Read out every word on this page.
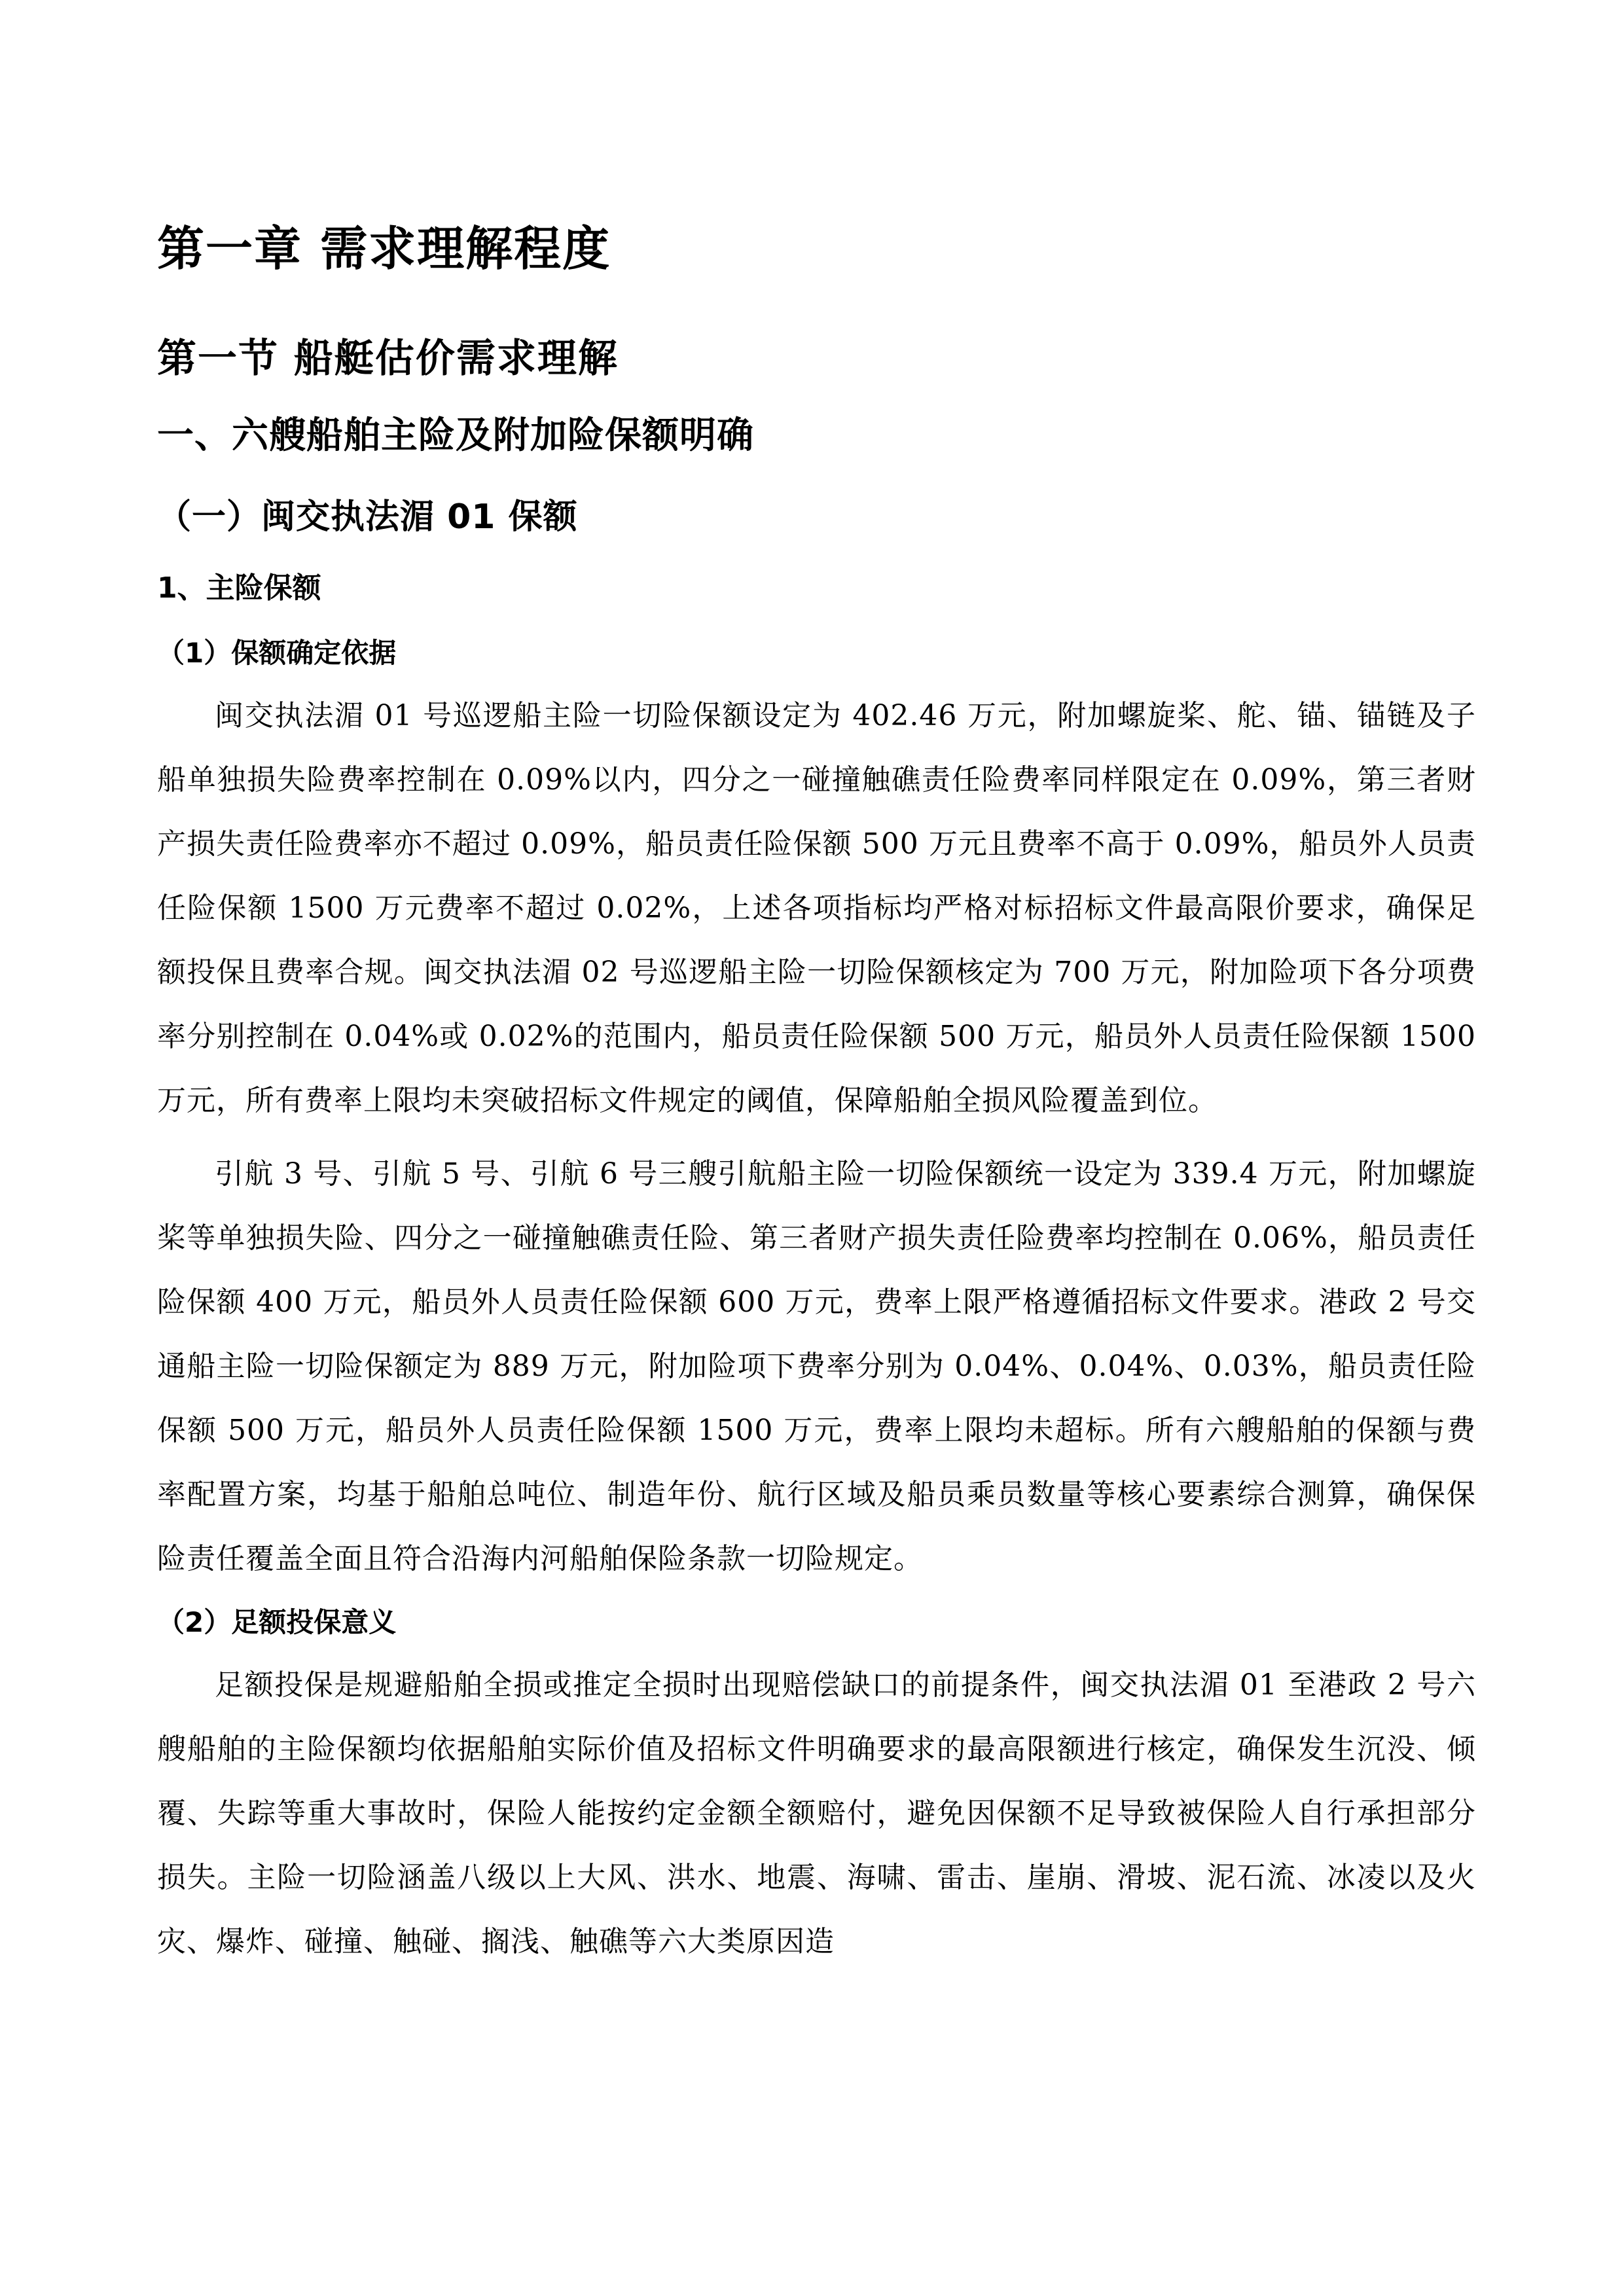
第一章 需求理解程度
第一节 船艇估价需求理解
一、六艘船舶主险及附加险保额明确
（一）闽交执法湄 01 保额
1、主险保额
（1）保额确定依据

闽交执法湄 01 号巡逻船主险一切险保额设定为 402.46 万元，附加螺旋桨、舵、锚、锚链及子船单独损失险费率控制在 0.09%以内，四分之一碰撞触礁责任险费率同样限定在 0.09%，第三者财产损失责任险费率亦不超过 0.09%，船员责任险保额 500 万元且费率不高于 0.09%，船员外人员责任险保额 1500 万元费率不超过 0.02%，上述各项指标均严格对标招标文件最高限价要求，确保足额投保且费率合规。闽交执法湄 02 号巡逻船主险一切险保额核定为 700 万元，附加险项下各分项费率分别控制在 0.04%或 0.02%的范围内，船员责任险保额 500 万元，船员外人员责任险保额 1500 万元，所有费率上限均未突破招标文件规定的阈值，保障船舶全损风险覆盖到位。

引航 3 号、引航 5 号、引航 6 号三艘引航船主险一切险保额统一设定为 339.4 万元，附加螺旋桨等单独损失险、四分之一碰撞触礁责任险、第三者财产损失责任险费率均控制在 0.06%，船员责任险保额 400 万元，船员外人员责任险保额 600 万元，费率上限严格遵循招标文件要求。港政 2 号交通船主险一切险保额定为 889 万元，附加险项下费率分别为 0.04%、0.04%、0.03%，船员责任险保额 500 万元，船员外人员责任险保额 1500 万元，费率上限均未超标。所有六艘船舶的保额与费率配置方案，均基于船舶总吨位、制造年份、航行区域及船员乘员数量等核心要素综合测算，确保保险责任覆盖全面且符合沿海内河船舶保险条款一切险规定。

（2）足额投保意义

足额投保是规避船舶全损或推定全损时出现赔偿缺口的前提条件，闽交执法湄 01 至港政 2 号六艘船舶的主险保额均依据船舶实际价值及招标文件明确要求的最高限额进行核定，确保发生沉没、倾覆、失踪等重大事故时，保险人能按约定金额全额赔付，避免因保额不足导致被保险人自行承担部分损失。主险一切险涵盖八级以上大风、洪水、地震、海啸、雷击、崖崩、滑坡、泥石流、冰凌以及火灾、爆炸、碰撞、触碰、搁浅、触礁等六大类原因造
